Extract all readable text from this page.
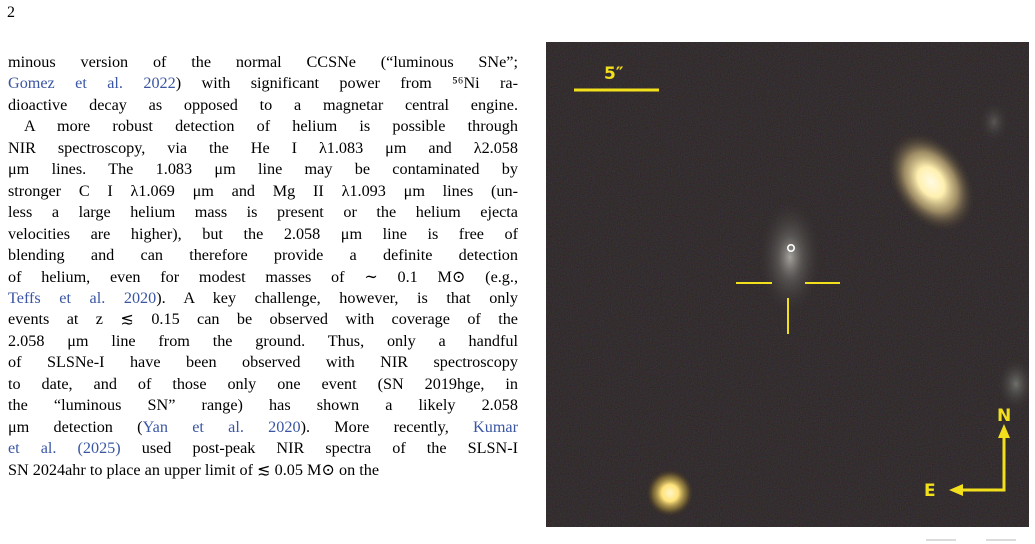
2
minous version of the normal CCSNe (“luminous SNe”;
Gomez et al. 2022) with significant power from ⁵⁶Ni ra-
dioactive decay as opposed to a magnetar central engine.
A more robust detection of helium is possible through
NIR spectroscopy, via the He I λ1.083 μm and λ2.058
μm lines. The 1.083 μm line may be contaminated by
stronger C I λ1.069 μm and Mg II λ1.093 μm lines (un-
less a large helium mass is present or the helium ejecta
velocities are higher), but the 2.058 μm line is free of
blending and can therefore provide a definite detection
of helium, even for modest masses of ∼ 0.1 M⊙ (e.g.,
Teffs et al. 2020). A key challenge, however, is that only
events at z ≲ 0.15 can be observed with coverage of the
2.058 μm line from the ground. Thus, only a handful
of SLSNe-I have been observed with NIR spectroscopy
to date, and of those only one event (SN 2019hge, in
the “luminous SN” range) has shown a likely 2.058
μm detection (Yan et al. 2020). More recently, Kumar
et al. (2025) used post-peak NIR spectra of the SLSN-I
SN 2024ahr to place an upper limit of ≲ 0.05 M⊙ on the
5″
N
E
